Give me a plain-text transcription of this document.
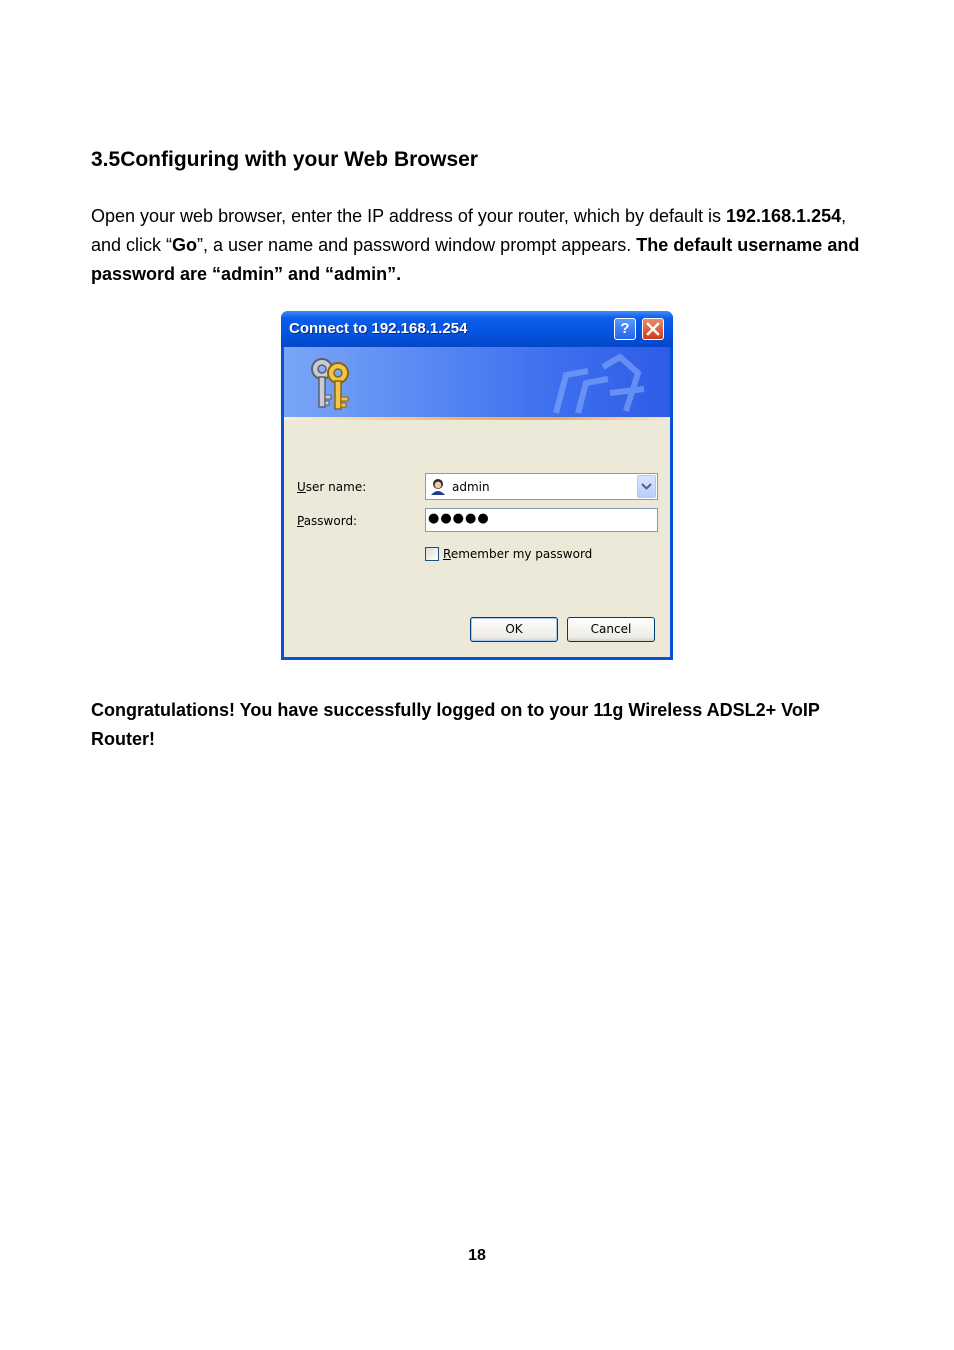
3.5Configuring with your Web Browser

Open your web browser, enter the IP address of your router, which by default is 192.168.1.254, and click “Go”, a user name and password window prompt appears. The default username and password are “admin” and “admin”.

Connect to 192.168.1.254	?
User name:	admin
Password:	●●●●●
Remember my password
OK	Cancel

Congratulations! You have successfully logged on to your 11g Wireless ADSL2+ VoIP Router!

18
